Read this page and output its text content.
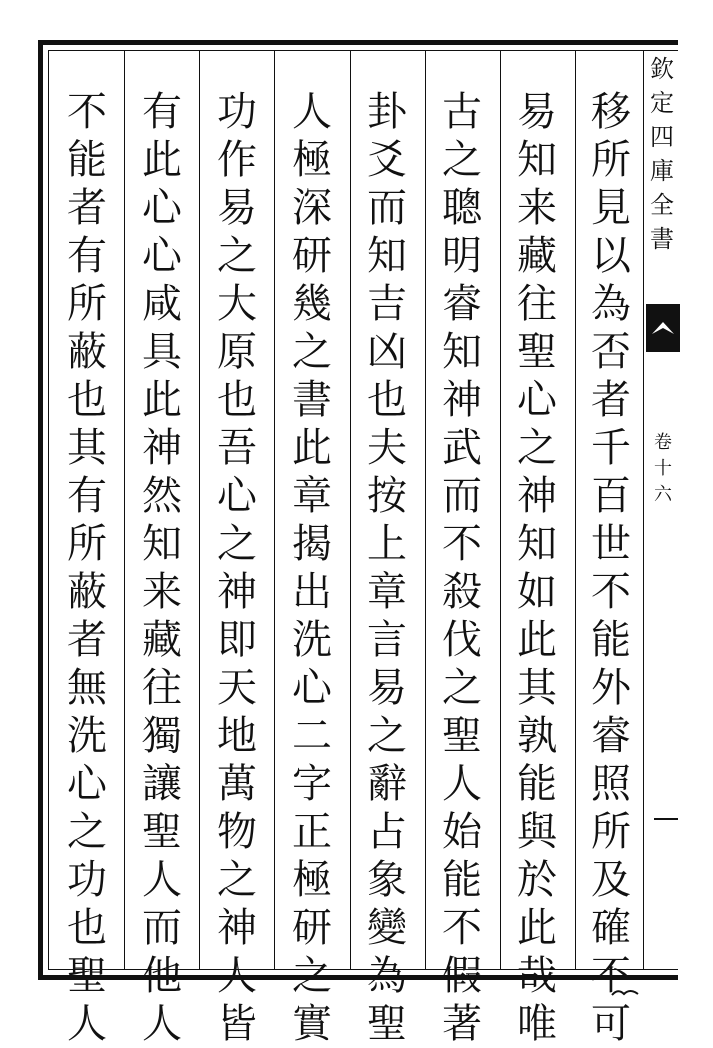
移
所
見
以
為
否
者
千
百
世
不
能
外
睿
照
所
及
確
不
可
易
知
来
藏
往
聖
心
之
神
知
如
此
其
孰
能
與
於
此
哉
唯
古
之
聰
明
睿
知
神
武
而
不
殺
伐
之
聖
人
始
能
不
假
著
卦
爻
而
知
吉
凶
也
夫
按
上
章
言
易
之
辭
占
象
變
為
聖
人
極
深
研
幾
之
書
此
章
揭
出
洗
心
二
字
正
極
研
之
實
功
作
易
之
大
原
也
吾
心
之
神
即
天
地
萬
物
之
神
人
皆
有
此
心
心
咸
具
此
神
然
知
来
藏
往
獨
讓
聖
人
而
他
人
不
能
者
有
所
蔽
也
其
有
所
蔽
者
無
洗
心
之
功
也
聖
人
欽
定
四
庫
全
書
卷
十
六
